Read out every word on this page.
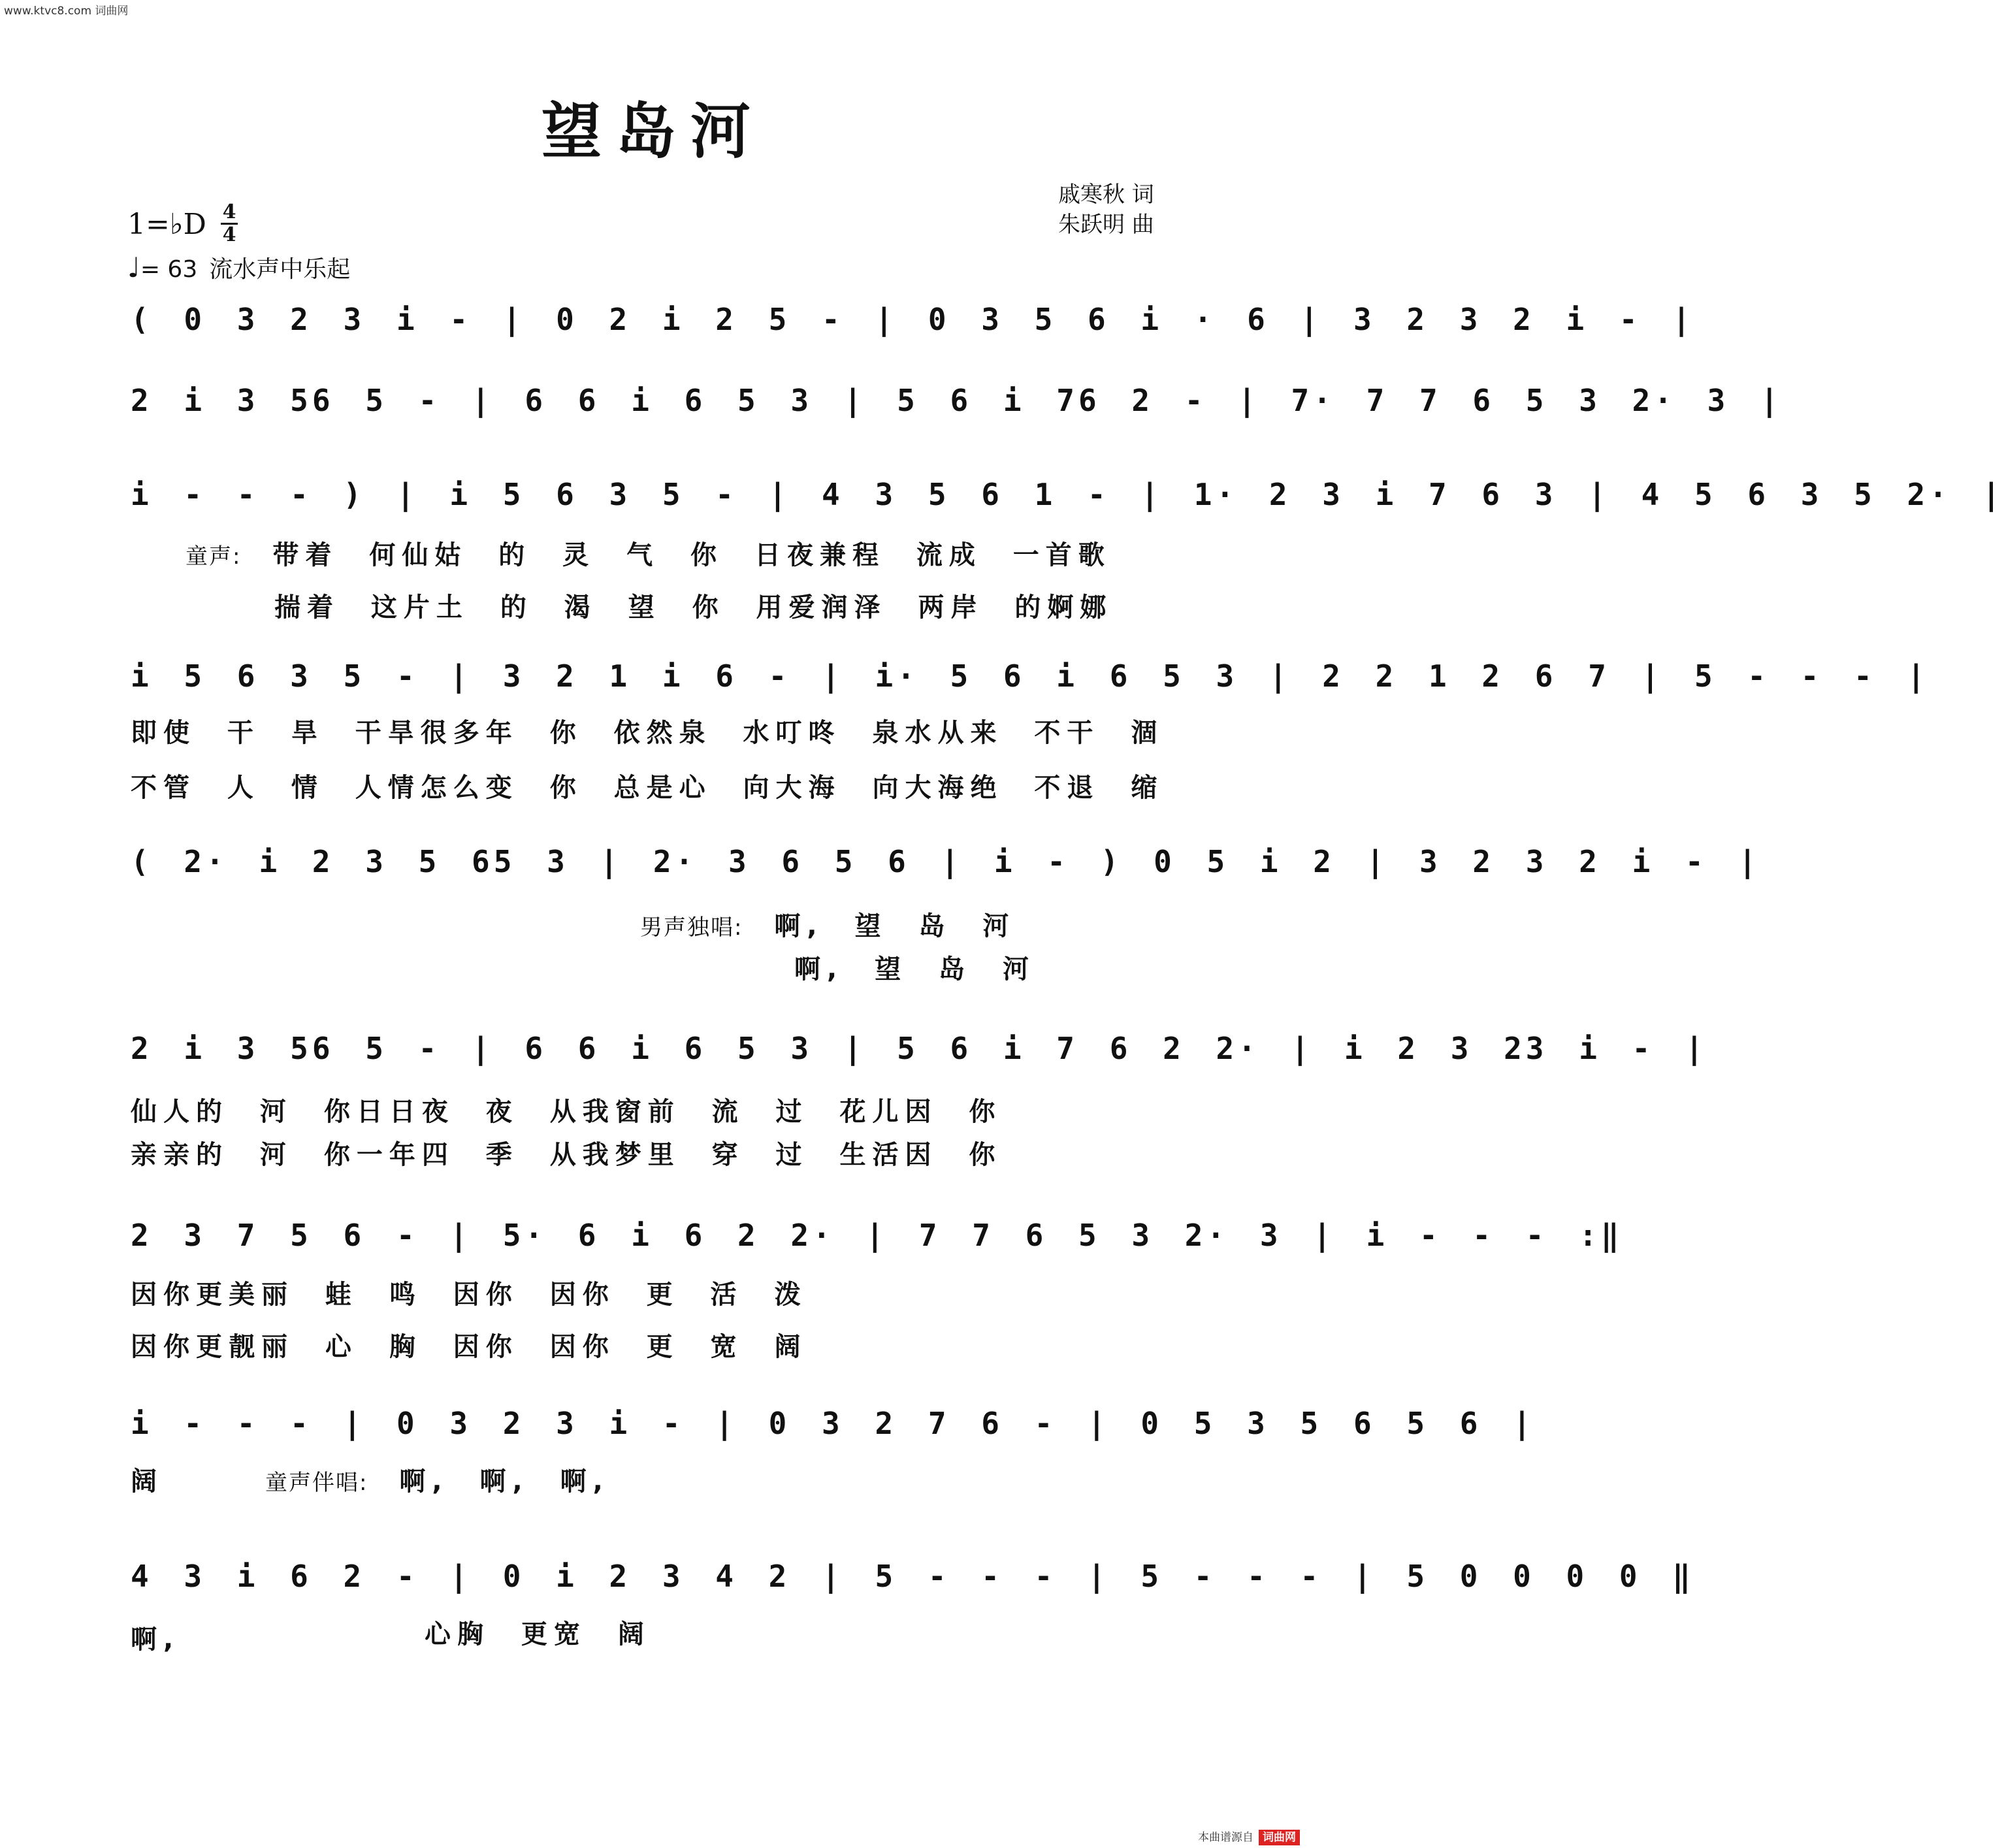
www.ktvc8.com 词曲网
望岛河
戚寒秋 词
朱跃明 曲
1=♭D 4
4
♩= 63 流水声中乐起
( 0 3 2 3 i - | 0 2 i 2 5 - | 0 3 5 6 i · 6 | 3 2 3 2 i - |
2 i 3 56 5 - | 6 6 i 6 5 3 | 5 6 i 76 2 - | 7· 7 7 6 5 3 2· 3 |
i - - - ) | i 5 6 3 5 - | 4 3 5 6 1 - | 1· 2 3 i 7 6 3 | 4 5 6 3 5 2· |
童声: 带着 何仙姑 的 灵 气 你 日夜兼程 流成 一首歌
揣着 这片土 的 渴 望 你 用爱润泽 两岸 的婀娜
i 5 6 3 5 - | 3 2 1 i 6 - | i· 5 6 i 6 5 3 | 2 2 1 2 6 7 | 5 - - - |
即使 干 旱 干旱很多年 你 依然泉 水叮咚 泉水从来 不干 涸
不管 人 情 人情怎么变 你 总是心 向大海 向大海绝 不退 缩
( 2· i 2 3 5 65 3 | 2· 3 6 5 6 | i - ) 0 5 i 2 | 3 2 3 2 i - |
男声独唱: 啊, 望 岛 河
啊, 望 岛 河
2 i 3 56 5 - | 6 6 i 6 5 3 | 5 6 i 7 6 2 2· | i 2 3 23 i - |
仙人的 河 你日日夜 夜 从我窗前 流 过 花儿因 你
亲亲的 河 你一年四 季 从我梦里 穿 过 生活因 你
2 3 7 5 6 - | 5· 6 i 6 2 2· | 7 7 6 5 3 2· 3 | i - - - :‖
因你更美丽 蛙 鸣 因你 因你 更 活 泼
因你更靓丽 心 胸 因你 因你 更 宽 阔
i - - - | 0 3 2 3 i - | 0 3 2 7 6 - | 0 5 3 5 6 5 6 |
阔	童声伴唱: 啊, 啊, 啊,
4 3 i 6 2 - | 0 i 2 3 4 2 | 5 - - - | 5 - - - | 5 0 0 0 0 ‖
啊,	心胸 更宽 阔
本曲谱源自 词曲网
